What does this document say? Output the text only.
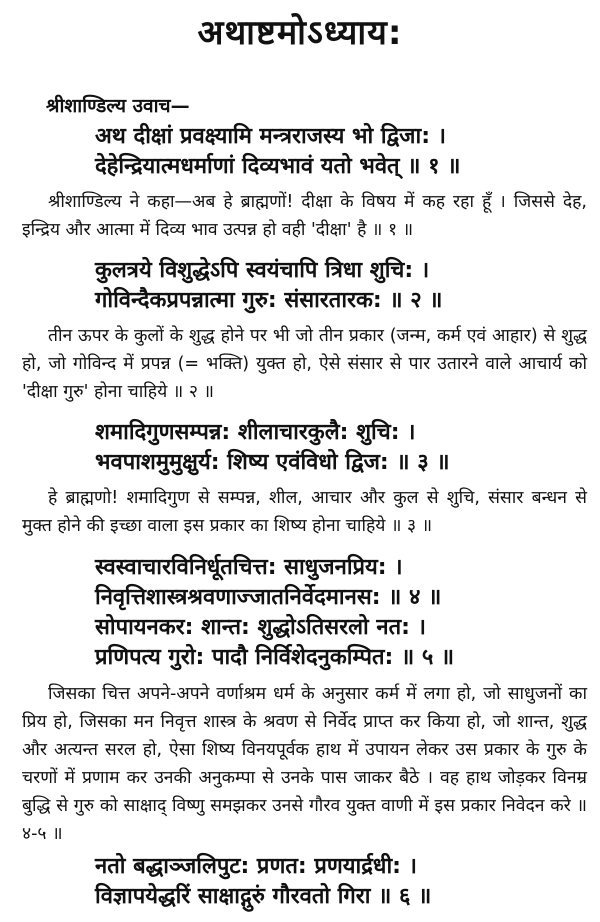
अथाष्टमोऽध्याय:
श्रीशाण्डिल्य उवाच—
अथ दीक्षां प्रवक्ष्यामि मन्त्रराजस्य भो द्विजा: ।
देहेन्द्रियात्मधर्माणां दिव्यभावं यतो भवेत् ॥ १ ॥

श्रीशाण्डिल्य ने कहा—अब हे ब्राह्मणों! दीक्षा के विषय में कह रहा हूँ । जिससे देह, इन्द्रिय और आत्मा में दिव्य भाव उत्पन्न हो वही 'दीक्षा' है ॥ १ ॥

कुलत्रये विशुद्धेऽपि स्वयंचापि त्रिधा शुचि: ।
गोविन्दैकप्रपन्नात्मा गुरु: संसारतारक: ॥ २ ॥

तीन ऊपर के कुलों के शुद्ध होने पर भी जो तीन प्रकार (जन्म, कर्म एवं आहार) से शुद्ध हो, जो गोविन्द में प्रपन्न (= भक्ति) युक्त हो, ऐसे संसार से पार उतारने वाले आचार्य को 'दीक्षा गुरु' होना चाहिये ॥ २ ॥

शमादिगुणसम्पन्न: शीलाचारकुलै: शुचि: ।
भवपाशमुमुक्षुर्य: शिष्य एवंविधो द्विज: ॥ ३ ॥

हे ब्राह्मणो! शमादिगुण से सम्पन्न, शील, आचार और कुल से शुचि, संसार बन्धन से मुक्त होने की इच्छा वाला इस प्रकार का शिष्य होना चाहिये ॥ ३ ॥

स्वस्वाचारविनिर्धूतचित्त: साधुजनप्रिय: ।
निवृत्तिशास्त्रश्रवणाज्जातनिर्वेदमानस: ॥ ४ ॥
सोपायनकर: शान्त: शुद्धोऽतिसरलो नत: ।
प्रणिपत्य गुरो: पादौ निर्विशेदनुकम्पित: ॥ ५ ॥

जिसका चित्त अपने-अपने वर्णाश्रम धर्म के अनुसार कर्म में लगा हो, जो साधुजनों का प्रिय हो, जिसका मन निवृत्त शास्त्र के श्रवण से निर्वेद प्राप्त कर किया हो, जो शान्त, शुद्ध और अत्यन्त सरल हो, ऐसा शिष्य विनयपूर्वक हाथ में उपायन लेकर उस प्रकार के गुरु के चरणों में प्रणाम कर उनकी अनुकम्पा से उनके पास जाकर बैठे । वह हाथ जोड़कर विनम्र बुद्धि से गुरु को साक्षाद् विष्णु समझकर उनसे गौरव युक्त वाणी में इस प्रकार निवेदन करे ॥ ४-५ ॥

नतो बद्धाञ्जलिपुट: प्रणत: प्रणयार्द्रधी: ।
विज्ञापयेद्धरिं साक्षाद्गुरुं गौरवतो गिरा ॥ ६ ॥
